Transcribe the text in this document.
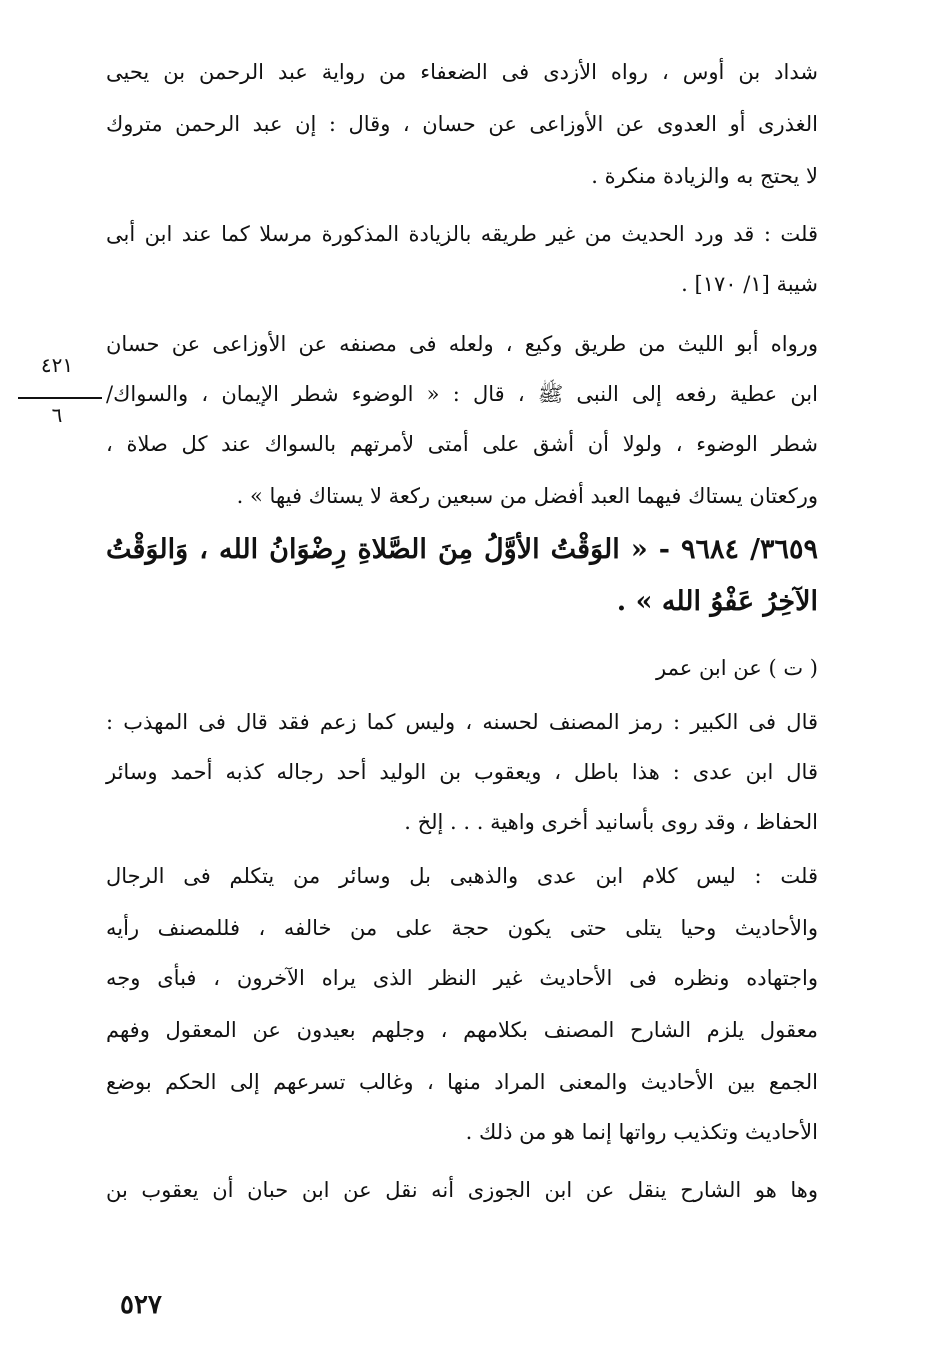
شداد بن أوس ، رواه الأزدى فى الضعفاء من رواية عبد الرحمن بن يحيى
الغذرى أو العدوى عن الأوزاعى عن حسان ، وقال : إن عبد الرحمن متروك
لا يحتج به والزيادة منكرة .
قلت : قد ورد الحديث من غير طريقه بالزيادة المذكورة مرسلا كما عند ابن أبى
شيبة [١/ ١٧٠] .
ورواه أبو الليث من طريق وكيع ، ولعله فى مصنفه عن الأوزاعى عن حسان
ابن عطية رفعه إلى النبى ﷺ ، قال : « الوضوء شطر الإيمان ، والسواك/
شطر الوضوء ، ولولا أن أشق على أمتى لأمرتهم بالسواك عند كل صلاة ،
وركعتان يستاك فيهما العبد أفضل من سبعين ركعة لا يستاك فيها » .
٣٦٥٩/ ٩٦٨٤ - « الوَقْتُ الأوَّلُ مِنَ الصَّلاةِ رِضْوَانُ الله ، وَالوَقْتُ
الآخِرُ عَفْوُ الله » .
( ت ) عن ابن عمر
قال فى الكبير : رمز المصنف لحسنه ، وليس كما زعم فقد قال فى المهذب :
قال ابن عدى : هذا باطل ، ويعقوب بن الوليد أحد رجاله كذبه أحمد وسائر
الحفاظ ، وقد روى بأسانيد أخرى واهية . . . إلخ .
قلت : ليس كلام ابن عدى والذهبى بل وسائر من يتكلم فى الرجال
والأحاديث وحيا يتلى حتى يكون حجة على من خالفه ، فللمصنف رأيه
واجتهاده ونظره فى الأحاديث غير النظر الذى يراه الآخرون ، فبأى وجه
معقول يلزم الشارح المصنف بكلامهم ، وجلهم بعيدون عن المعقول وفهم
الجمع بين الأحاديث والمعنى المراد منها ، وغالب تسرعهم إلى الحكم بوضع
الأحاديث وتكذيب رواتها إنما هو من ذلك .
وها هو الشارح ينقل عن ابن الجوزى أنه نقل عن ابن حبان أن يعقوب بن
٤٢١
٦
٥٢٧
